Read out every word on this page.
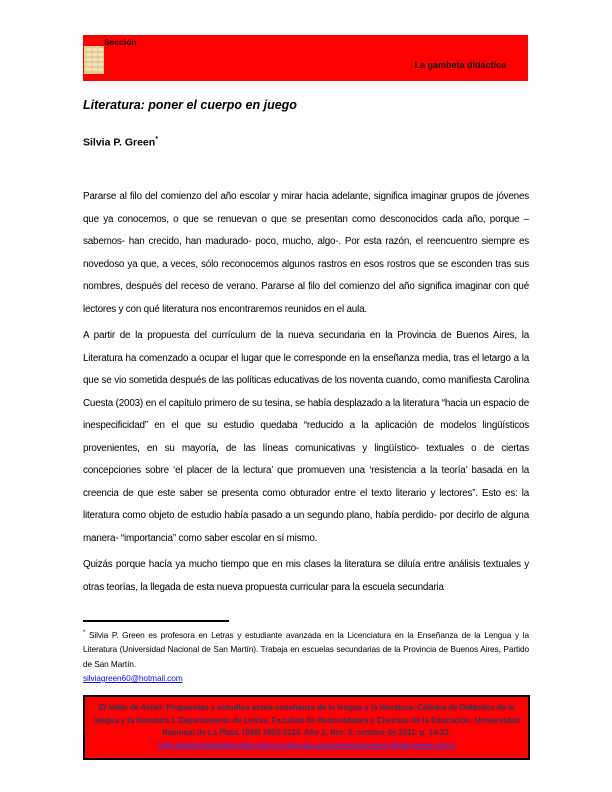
Sección
La gambeta didáctica
Literatura: poner el cuerpo en juego
Silvia P. Green*

Pararse al filo del comienzo del año escolar y mirar hacia adelante, significa imaginar grupos de jóvenes que ya conocemos, o que se renuevan o que se presentan como desconocidos cada año, porque –sabemos- han crecido, han madurado- poco, mucho, algo-. Por esta razón, el reencuentro siempre es novedoso ya que, a veces, sólo reconocemos algunos rastros en esos rostros que se esconden tras sus nombres, después del receso de verano. Pararse al filo del comienzo del año significa imaginar con qué lectores y con qué literatura nos encontraremos reunidos en el aula.

A partir de la propuesta del currículum de la nueva secundaria en la Provincia de Buenos Aires, la Literatura ha comenzado a ocupar el lugar que le corresponde en la enseñanza media, tras el letargo a la que se vio sometida después de las políticas educativas de los noventa cuando, como manifiesta Carolina Cuesta (2003) en el capítulo primero de su tesina, se había desplazado a la literatura “hacia un espacio de inespecificidad” en el que su estudio quedaba “reducido a la aplicación de modelos lingüísticos provenientes, en su mayoría, de las líneas comunicativas y lingüístico- textuales o de ciertas concepciones sobre ‘el placer de la lectura’ que promueven una ‘resistencia a la teoría’ basada en la creencia de que este saber se presenta como obturador entre el texto literario y lectores”. Esto es: la literatura como objeto de estudio había pasado a un segundo plano, había perdido- por decirlo de alguna manera- “importancia” como saber escolar en sí mismo.

Quizás porque hacía ya mucho tiempo que en mis clases la literatura se diluía entre análisis textuales y otras teorías, la llegada de esta nueva propuesta curricular para la escuela secundaria

* Silvia P. Green es profesora en Letras y estudiante avanzada en la Licenciatura en la Enseñanza de la Lengua y la Literatura (Universidad Nacional de San Martín). Trabaja en escuelas secundarias de la Provincia de Buenos Aires, Partido de San Martín.
silviagreen60@hotmail.com
El toldo de Astier. Propuestas y estudios sobre enseñanza de la lengua y la literatura. Cátedra de Didáctica de la
lengua y la literatura I. Departamento de Letras. Facultad de Humanidades y Ciencias de la Educación. Universidad
Nacional de La Plata. ISSN 1853-3124. Año 2, Nro. 3, octubre de 2011. p. 14-23.
http://www.eltoldodeastier.fahce.unlp.edu.ar/numeros/numero-3/lgd-green-nro-3
